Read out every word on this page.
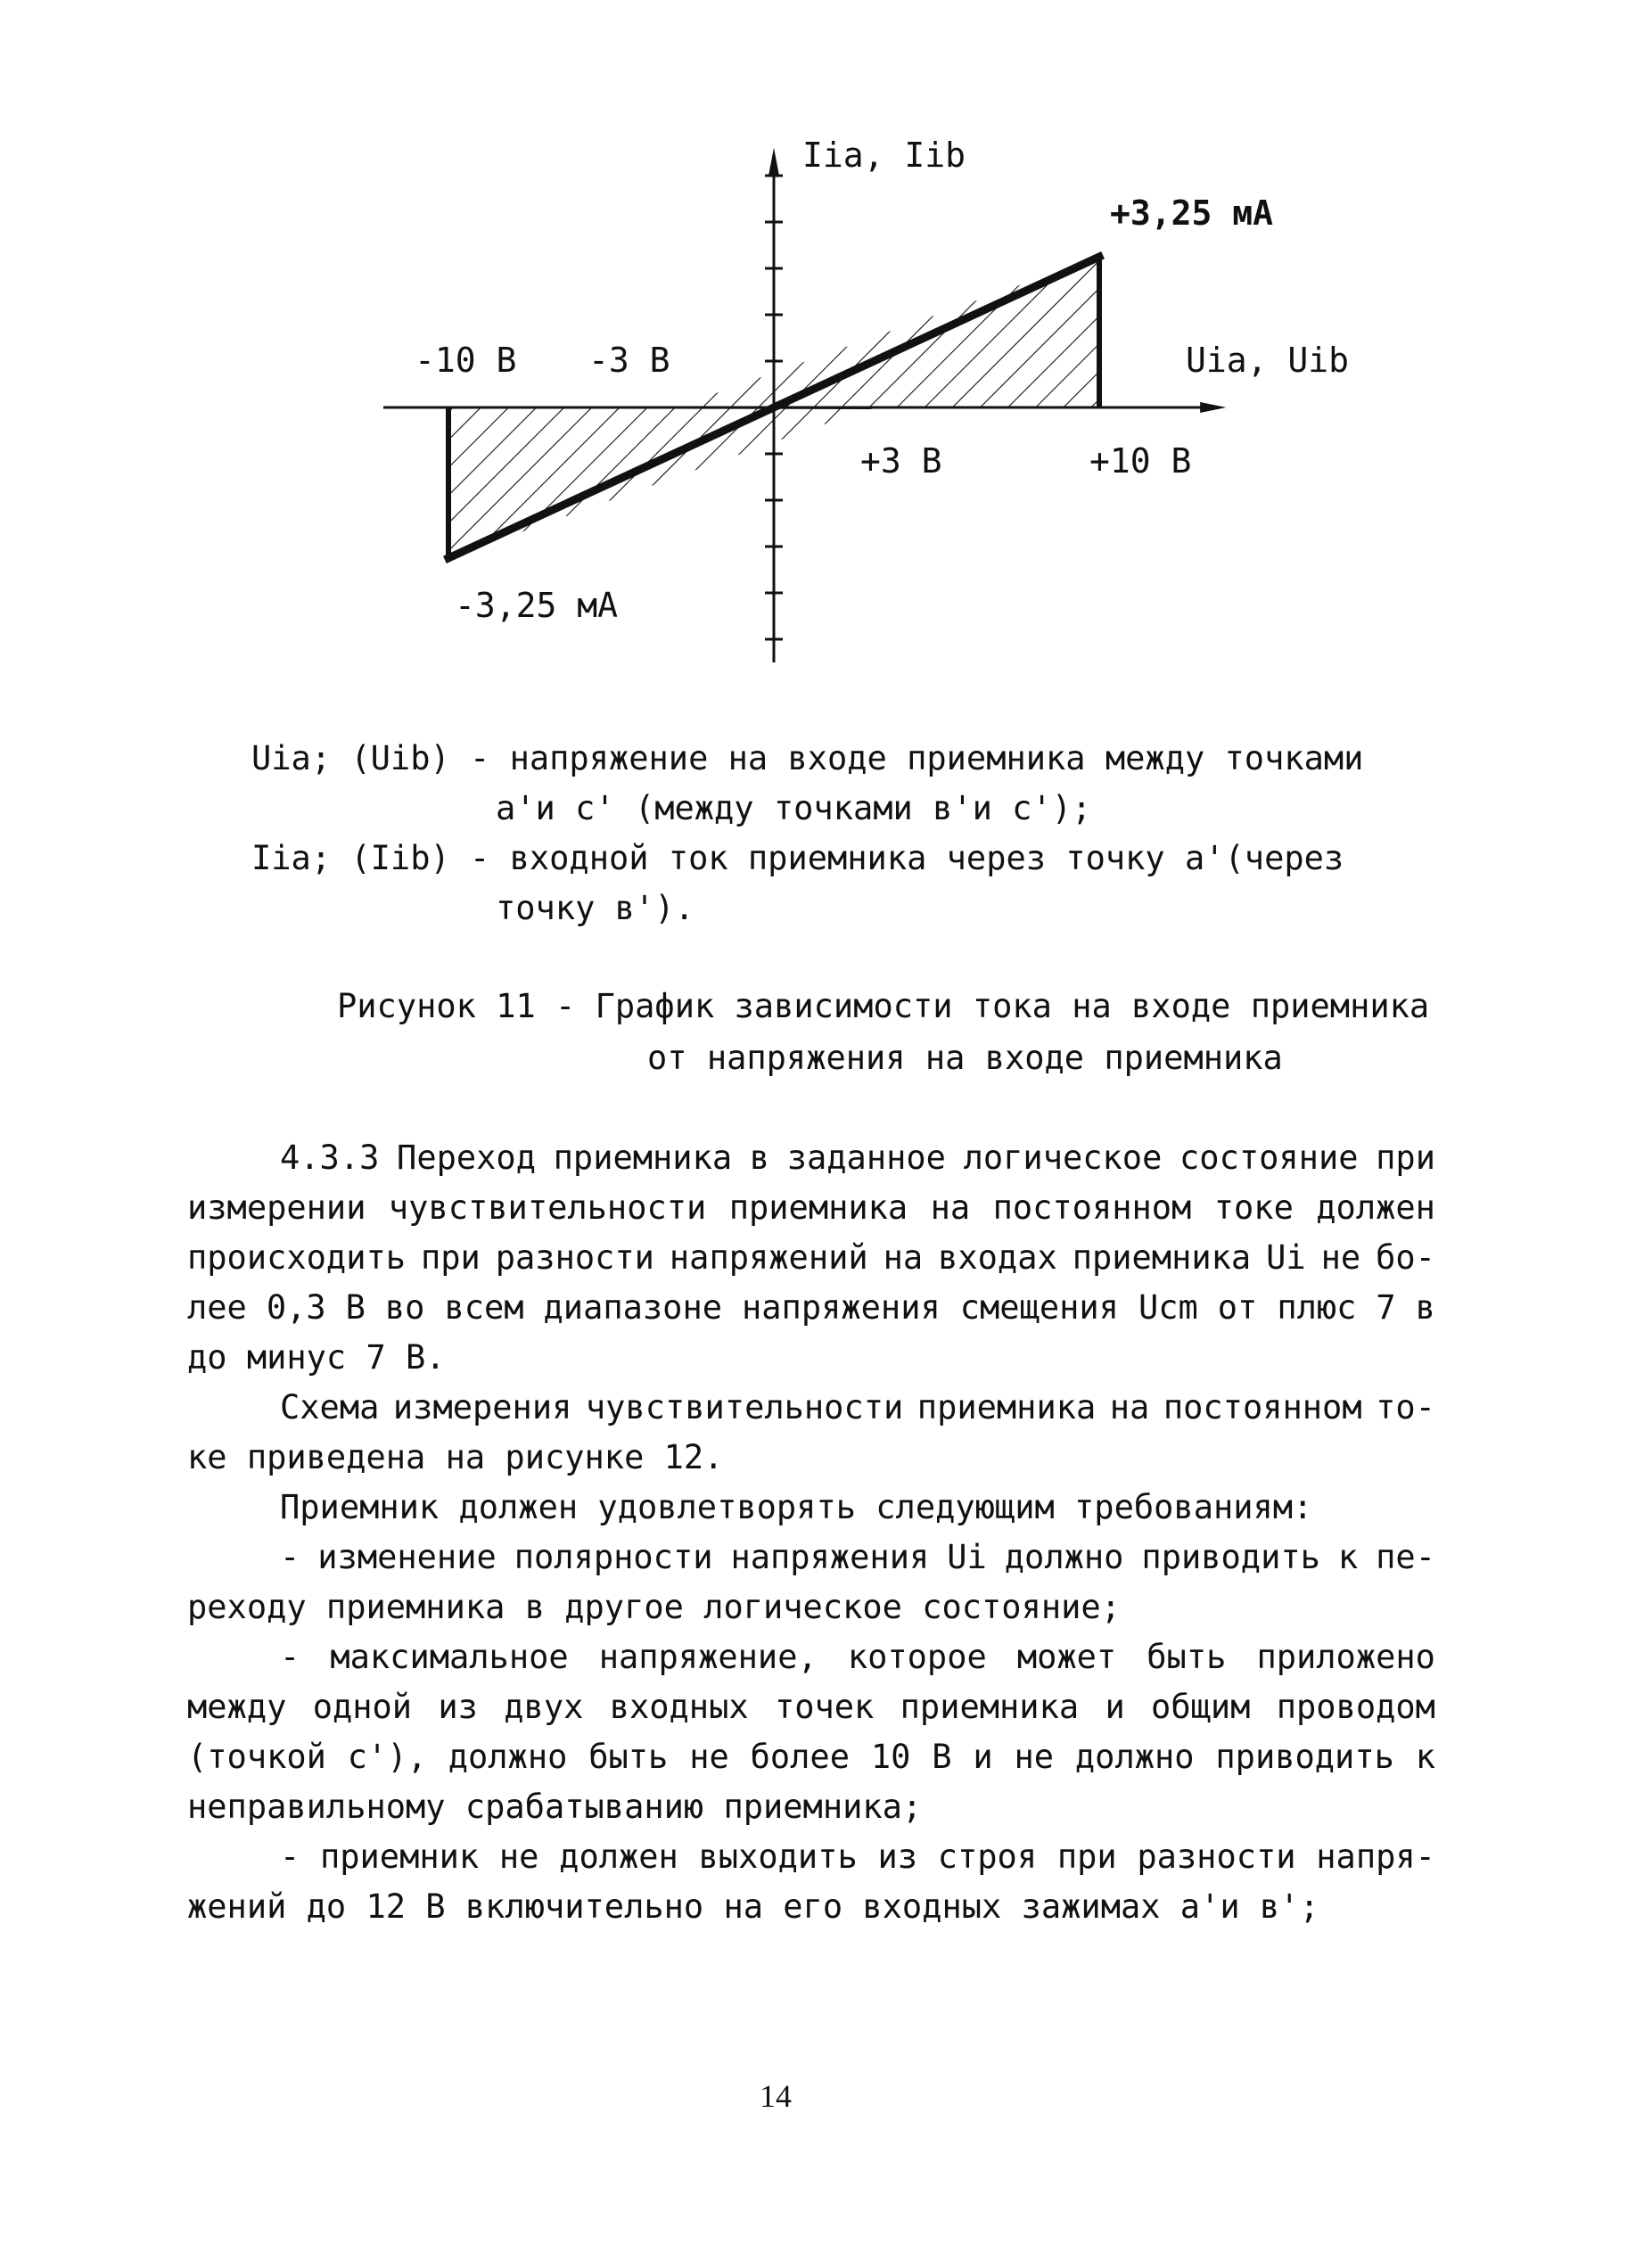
Iia, Iib
+3,25 мА
-10 В -3 В	Uia, Uib
+3 В	+10 В
-3,25 мА
Uia; (Uib) - напряжение на входе приемника между точками
а'и с' (между точками в'и с');
Iia; (Iib) - входной ток приемника через точку а'(через
точку в').
Рисунок 11 - График зависимости тока на входе приемника
от напряжения на входе приемника
4.3.3 Переход приемника в заданное логическое состояние при
измерении чувствительности приемника на постоянном токе должен
происходить при разности напряжений на входах приемника Ui не бо-
лее 0,3 В во всем диапазоне напряжения смещения Uсm от плюс 7 в
до минус 7 В.
Схема измерения чувствительности приемника на постоянном то-
ке приведена на рисунке 12.
Приемник должен удовлетворять следующим требованиям:
- изменение полярности напряжения Ui должно приводить к пе-
реходу приемника в другое логическое состояние;
- максимальное напряжение, которое может быть приложено
между одной из двух входных точек приемника и общим проводом
(точкой с'), должно быть не более 10 В и не должно приводить к
неправильному срабатыванию приемника;
- приемник не должен выходить из строя при разности напря-
жений до 12 В включительно на его входных зажимах а'и в';
14
